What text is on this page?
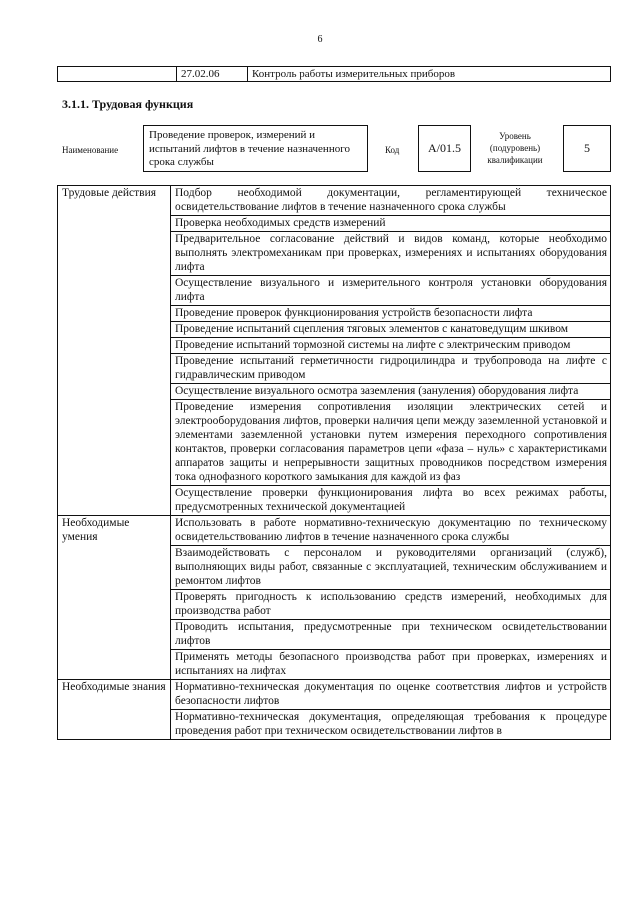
6
27.02.06	Контроль работы измерительных приборов
3.1.1. Трудовая функция
Наименование
Проведение проверок, измерений и испытаний лифтов в течение назначенного срока службы
Код	A/01.5
Уровень (подуровень) квалификации
5
Трудовые действия	Подбор необходимой документации, регламентирующей техническое освидетельствование лифтов в течение назначенного срока службы
	Проверка необходимых средств измерений
	Предварительное согласование действий и видов команд, которые необходимо выполнять электромеханикам при проверках, измерениях и испытаниях оборудования лифта
	Осуществление визуального и измерительного контроля установки оборудования лифта
	Проведение проверок функционирования устройств безопасности лифта
	Проведение испытаний сцепления тяговых элементов с канатоведущим шкивом
	Проведение испытаний тормозной системы на лифте с электрическим приводом
	Проведение испытаний герметичности гидроцилиндра и трубопровода на лифте с гидравлическим приводом
	Осуществление визуального осмотра заземления (зануления) оборудования лифта
	Проведение измерения сопротивления изоляции электрических сетей и электрооборудования лифтов, проверки наличия цепи между заземленной установкой и элементами заземленной установки путем измерения переходного сопротивления контактов, проверки согласования параметров цепи «фаза – нуль» с характеристиками аппаратов защиты и непрерывности защитных проводников посредством измерения тока однофазного короткого замыкания для каждой из фаз
	Осуществление проверки функционирования лифта во всех режимах работы, предусмотренных технической документацией
Необходимые умения	Использовать в работе нормативно-техническую документацию по техническому освидетельствованию лифтов в течение назначенного срока службы
	Взаимодействовать с персоналом и руководителями организаций (служб), выполняющих виды работ, связанные с эксплуатацией, техническим обслуживанием и ремонтом лифтов
	Проверять пригодность к использованию средств измерений, необходимых для производства работ
	Проводить испытания, предусмотренные при техническом освидетельствовании лифтов
	Применять методы безопасного производства работ при проверках, измерениях и испытаниях на лифтах
Необходимые знания	Нормативно-техническая документация по оценке соответствия лифтов и устройств безопасности лифтов
	Нормативно-техническая документация, определяющая требования к процедуре проведения работ при техническом освидетельствовании лифтов в
